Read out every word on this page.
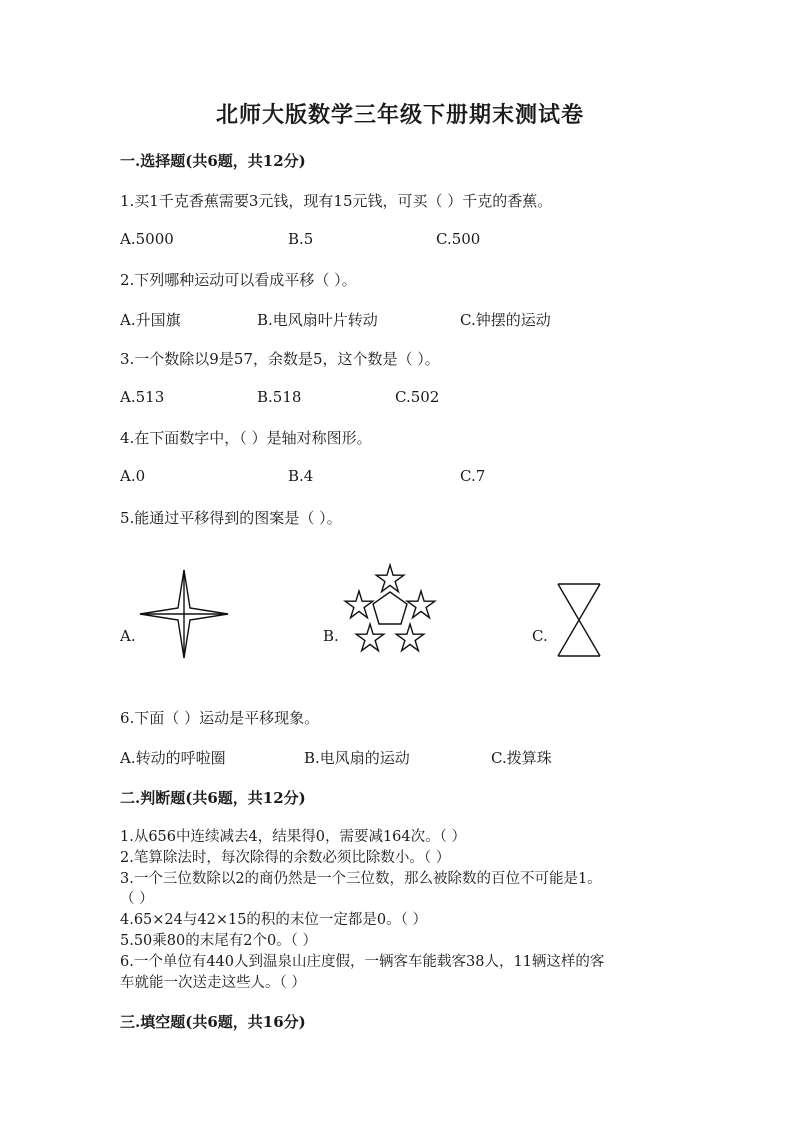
北师大版数学三年级下册期末测试卷
一.选择题(共6题，共12分)
1.买1千克香蕉需要3元钱，现有15元钱，可买（ ）千克的香蕉。
A.5000	B.5	C.500
2.下列哪种运动可以看成平移（ ）。
A.升国旗	B.电风扇叶片转动	C.钟摆的运动
3.一个数除以9是57，余数是5，这个数是（ ）。
A.513	B.518	C.502
4.在下面数字中，（ ）是轴对称图形。
A.0	B.4	C.7
5.能通过平移得到的图案是（ ）。
A.	B.	C.
6.下面（ ）运动是平移现象。
A.转动的呼啦圈	B.电风扇的运动	C.拨算珠
二.判断题(共6题，共12分)
1.从656中连续减去4，结果得0，需要减164次。（ ）
2.笔算除法时，每次除得的余数必须比除数小。（ ）
3.一个三位数除以2的商仍然是一个三位数，那么被除数的百位不可能是1。
（ ）
4.65×24与42×15的积的末位一定都是0。（ ）
5.50乘80的末尾有2个0。（ ）
6.一个单位有440人到温泉山庄度假，一辆客车能载客38人，11辆这样的客
车就能一次送走这些人。（ ）
三.填空题(共6题，共16分)
